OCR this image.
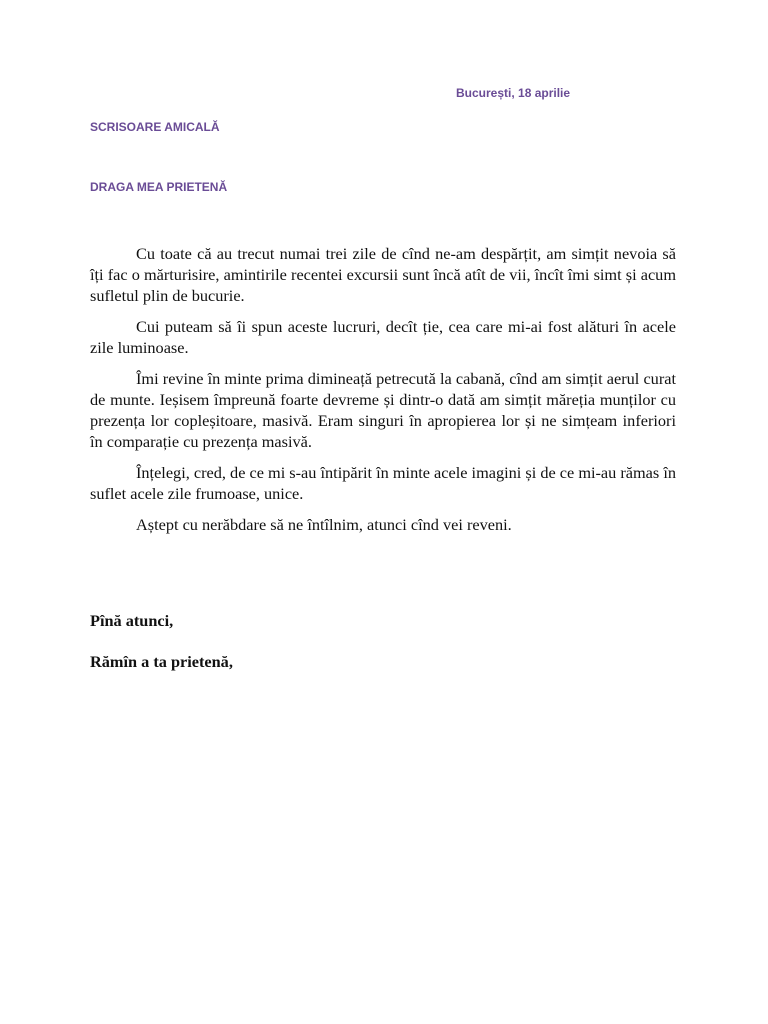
București, 18 aprilie
SCRISOARE AMICALĂ
DRAGA MEA PRIETENĂ

Cu toate că au trecut numai trei zile de cînd ne-am despărțit, am simțit nevoia să îți fac o mărturisire, amintirile recentei excursii sunt încă atît de vii, încît îmi simt și acum sufletul plin de bucurie.

Cui puteam să îi spun aceste lucruri, decît ție, cea care mi-ai fost alături în acele zile luminoase.

Îmi revine în minte prima dimineață petrecută la cabană, cînd am simțit aerul curat de munte. Ieșisem împreună foarte devreme și dintr-o dată am simțit măreția munților cu prezența lor copleșitoare, masivă. Eram singuri în apropierea lor și ne simțeam inferiori în comparație cu prezența masivă.

Înțelegi, cred, de ce mi s-au întipărit în minte acele imagini și de ce mi-au rămas în suflet acele zile frumoase, unice.

Aștept cu nerăbdare să ne întîlnim, atunci cînd vei reveni.

Pînă atunci,
Rămîn a ta prietenă,
